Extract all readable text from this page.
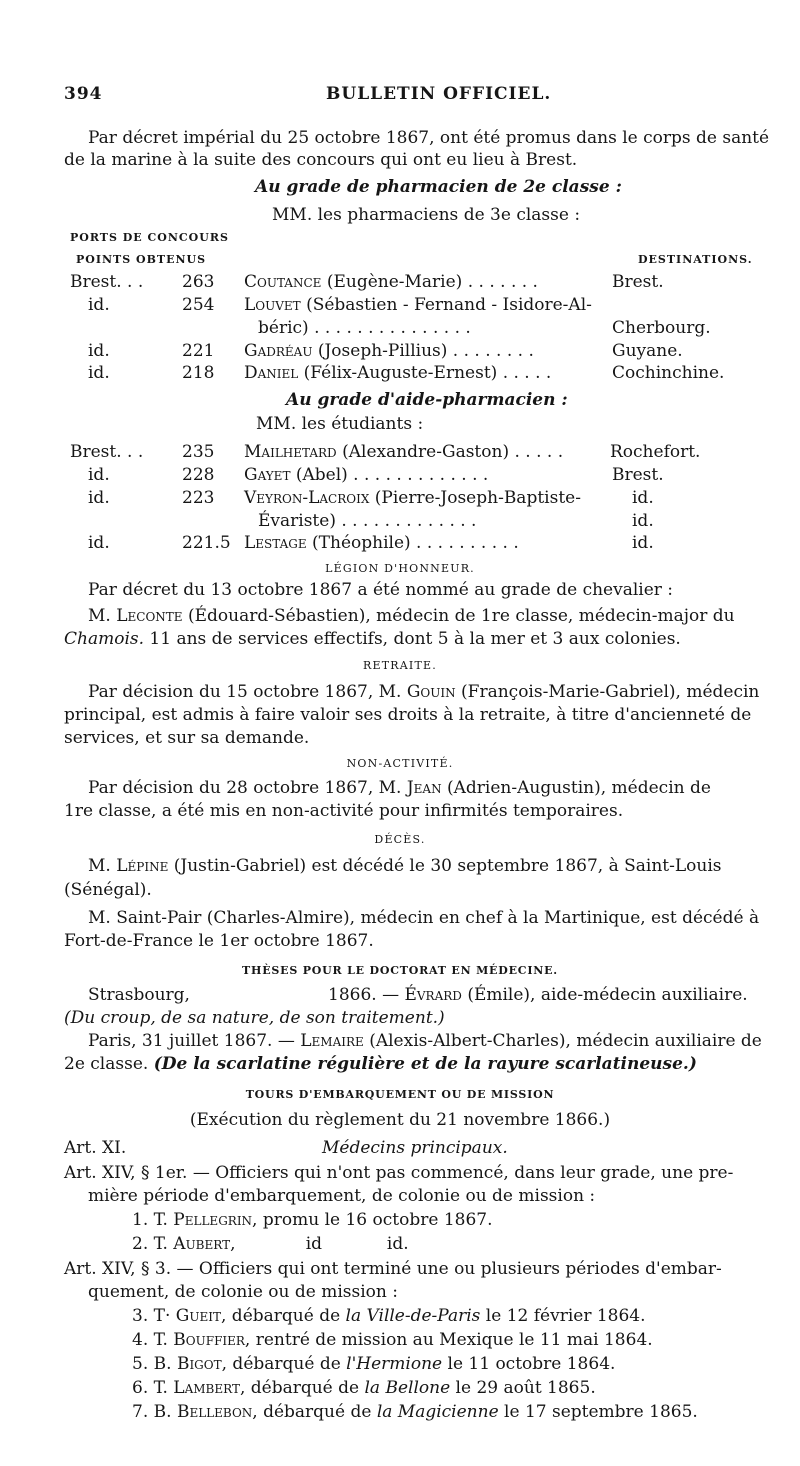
394	BULLETIN OFFICIEL.
Par décret impérial du 25 octobre 1867, ont été promus dans le corps de santé
de la marine à la suite des concours qui ont eu lieu à Brest.
Au grade de pharmacien de 2e classe :
MM. les pharmaciens de 3e classe :
PORTS DE CONCOURS
POINTS OBTENUS	DESTINATIONS.
Brest. . . 263 Coutance (Eugène-Marie) . . . . . . .	Brest.
id.	254 Louvet (Sébastien - Fernand - Isidore-Al-
béric) . . . . . . . . . . . . . . .	Cherbourg.
id.	221 Gadréau (Joseph-Pillius) . . . . . . . .	Guyane.
id.	218 Daniel (Félix-Auguste-Ernest) . . . . .	Cochinchine.
Au grade d'aide-pharmacien :
MM. les étudiants :
Brest. . . 235 Mailhetard (Alexandre-Gaston) . . . . .	Rochefort.
id.	228 Gayet (Abel) . . . . . . . . . . . . .	Brest.
id.	223 Veyron-Lacroix (Pierre-Joseph-Baptiste-	id.
Évariste) . . . . . . . . . . . . .	id.
id.	221.5 Lestage (Théophile) . . . . . . . . . .	id.
LÉGION D'HONNEUR.
Par décret du 13 octobre 1867 a été nommé au grade de chevalier :
M. Leconte (Édouard-Sébastien), médecin de 1re classe, médecin-major du
Chamois. 11 ans de services effectifs, dont 5 à la mer et 3 aux colonies.
RETRAITE.
Par décision du 15 octobre 1867, M. Gouin (François-Marie-Gabriel), médecin
principal, est admis à faire valoir ses droits à la retraite, à titre d'ancienneté de
services, et sur sa demande.
NON-ACTIVITÉ.
Par décision du 28 octobre 1867, M. Jean (Adrien-Augustin), médecin de
1re classe, a été mis en non-activité pour infirmités temporaires.
DÉCÈS.
M. Lépine (Justin-Gabriel) est décédé le 30 septembre 1867, à Saint-Louis
(Sénégal).
M. Saint-Pair (Charles-Almire), médecin en chef à la Martinique, est décédé à
Fort-de-France le 1er octobre 1867.
THÈSES POUR LE DOCTORAT EN MÉDECINE.
Strasbourg,	1866. — Évrard (Émile), aide-médecin auxiliaire.
(Du croup, de sa nature, de son traitement.)
Paris, 31 juillet 1867. — Lemaire (Alexis-Albert-Charles), médecin auxiliaire de
2e classe. (De la scarlatine régulière et de la rayure scarlatineuse.)
TOURS D'EMBARQUEMENT OU DE MISSION
(Exécution du règlement du 21 novembre 1866.)
Art. XI.	Médecins principaux.
Art. XIV, § 1er. — Officiers qui n'ont pas commencé, dans leur grade, une pre-
mière période d'embarquement, de colonie ou de mission :
1. T. Pellegrin, promu le 16 octobre 1867.
2. T. Aubert,             id            id.
Art. XIV, § 3. — Officiers qui ont terminé une ou plusieurs périodes d'embar-
quement, de colonie ou de mission :
3. T· Gueit, débarqué de la Ville-de-Paris le 12 février 1864.
4. T. Bouffier, rentré de mission au Mexique le 11 mai 1864.
5. B. Bigot, débarqué de l'Hermione le 11 octobre 1864.
6. T. Lambert, débarqué de la Bellone le 29 août 1865.
7. B. Bellebon, débarqué de la Magicienne le 17 septembre 1865.
